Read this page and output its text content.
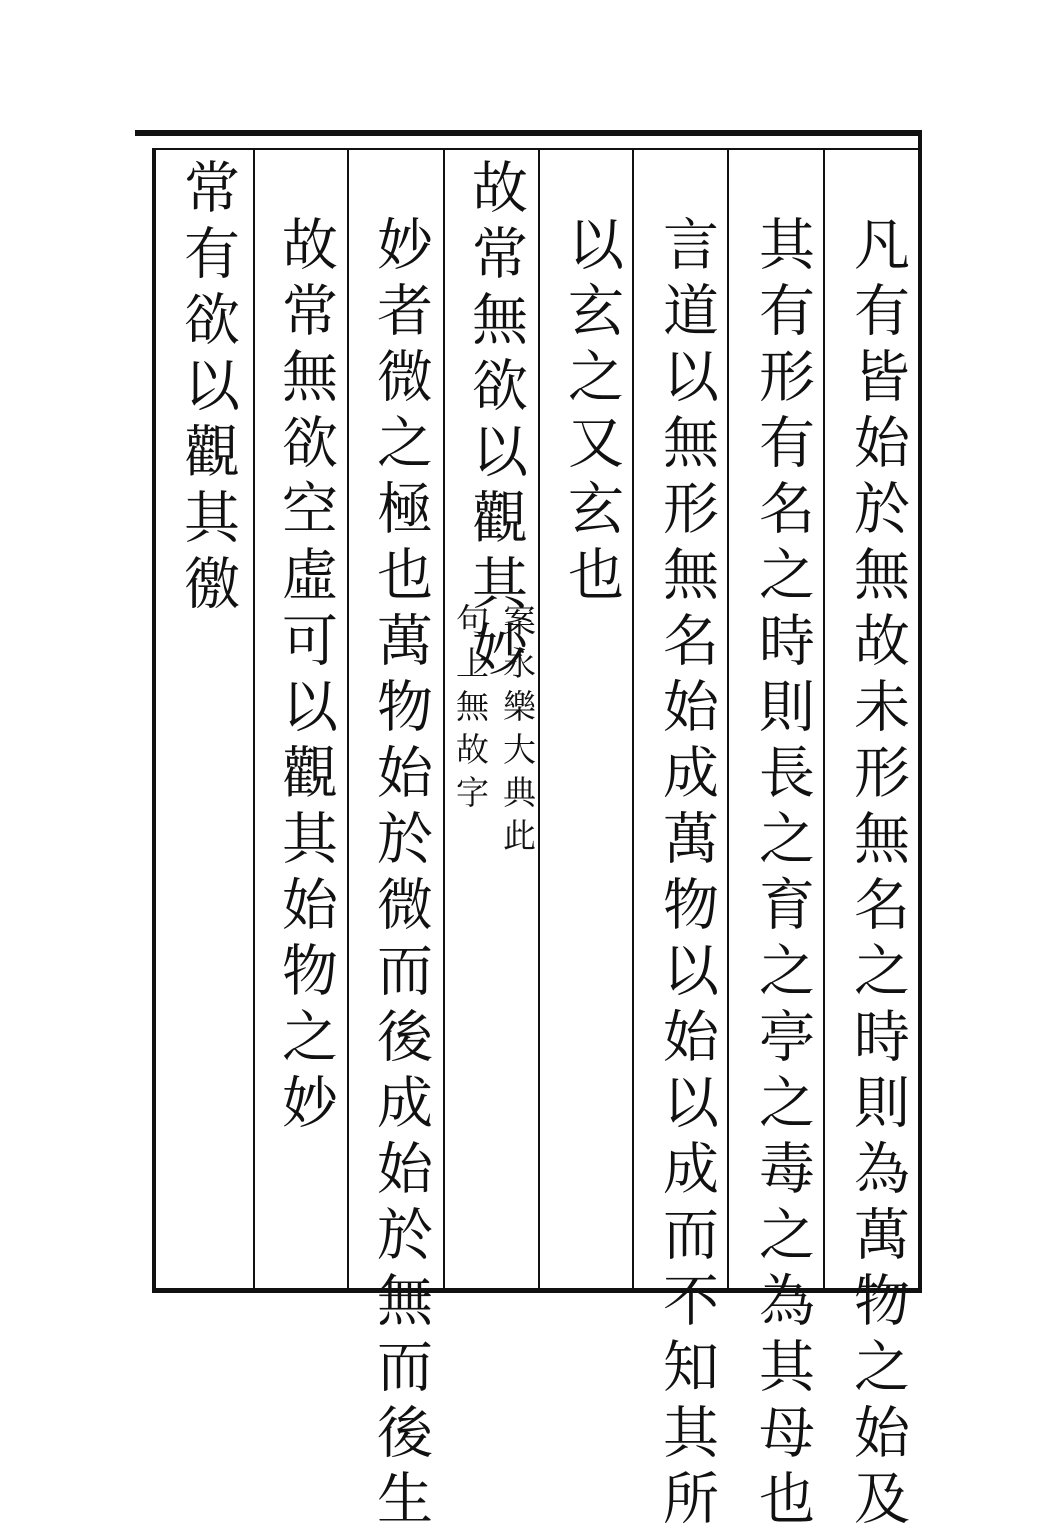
凡有皆始於無故未形無名之時則為萬物之始及
其有形有名之時則長之育之亭之毒之為其母也
言道以無形無名始成萬物以始以成而不知其所
以玄之又玄也
故常無欲以觀其妙
案永樂大典此
句上無故字
妙者微之極也萬物始於微而後成始於無而後生
故常無欲空虛可以觀其始物之妙
常有欲以觀其徼
